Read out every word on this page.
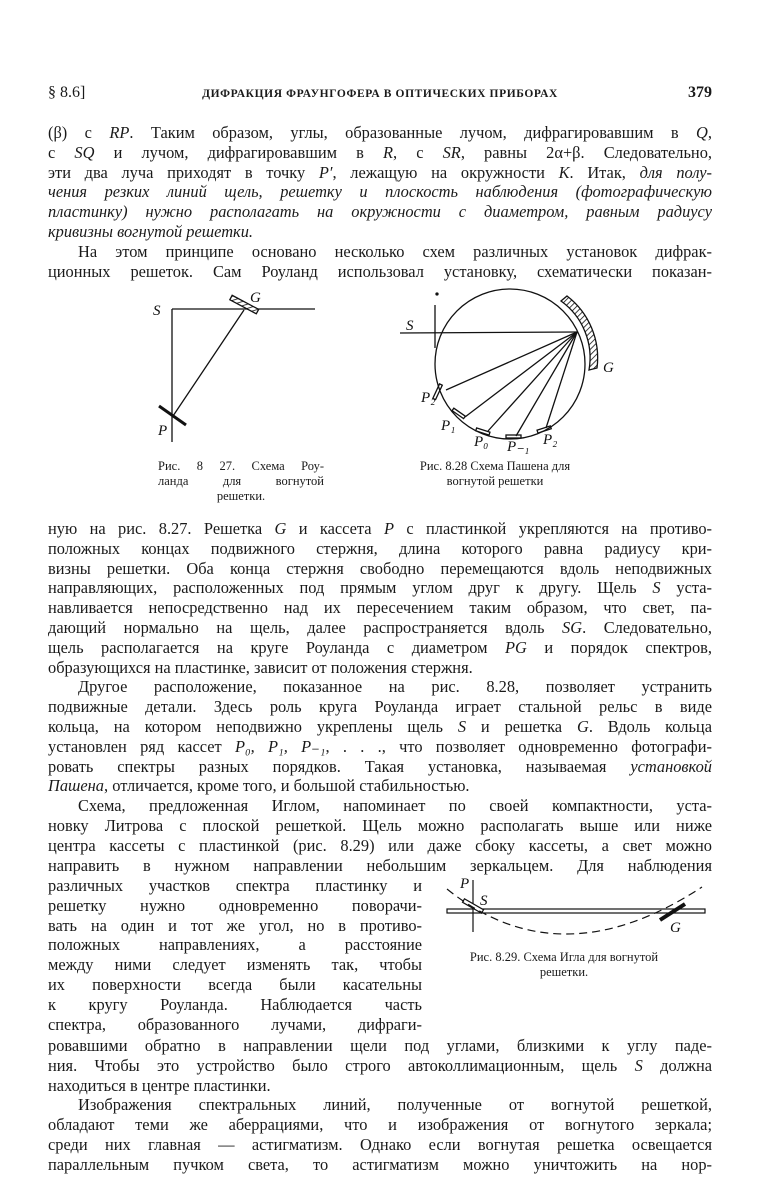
§ 8.6]	ДИФРАКЦИЯ ФРАУНГОФЕРА В ОПТИЧЕСКИХ ПРИБОРАХ	379
(β) с RP. Таким образом, углы, образованные лучом, дифрагировавшим в Q,
с SQ и лучом, дифрагировавшим в R, с SR, равны 2α+β. Следовательно,
эти два луча приходят в точку P′, лежащую на окружности K. Итак, для полу-
чения резких линий щель, решетку и плоскость наблюдения (фотографическую
пластинку) нужно располагать на окружности с диаметром, равным радиусу
кривизны вогнутой решетки.
На этом принципе основано несколько схем различных установок дифрак-
ционных решеток. Сам Роуланд использовал установку, схематически показан-
ную на рис. 8.27. Решетка G и кассета P с пластинкой укрепляются на противо-
положных концах подвижного стержня, длина которого равна радиусу кри-
визны решетки. Оба конца стержня свободно перемещаются вдоль неподвижных
направляющих, расположенных под прямым углом друг к другу. Щель S уста-
навливается непосредственно над их пересечением таким образом, что свет, па-
дающий нормально на щель, далее распространяется вдоль SG. Следовательно,
щель располагается на круге Роуланда с диаметром PG и порядок спектров,
образующихся на пластинке, зависит от положения стержня.
Другое расположение, показанное на рис. 8.28, позволяет устранить
подвижные детали. Здесь роль круга Роуланда играет стальной рельс в виде
кольца, на котором неподвижно укреплены щель S и решетка G. Вдоль кольца
установлен ряд кассет P₀, P₁, P₋₁, . . ., что позволяет одновременно фотографи-
ровать спектры разных порядков. Такая установка, называемая установкой
Пашена, отличается, кроме того, и большой стабильностью.
Схема, предложенная Иглом, напоминает по своей компактности, уста-
новку Литрова с плоской решеткой. Щель можно располагать выше или ниже
центра кассеты с пластинкой (рис. 8.29) или даже сбоку кассеты, а свет можно
направить в нужном направлении небольшим зеркальцем. Для наблюдения
различных участков спектра пластинку и
решетку нужно одновременно поворачи-
вать на один и тот же угол, но в противо-
положных направлениях, а расстояние
между ними следует изменять так, чтобы
их поверхности всегда были касательны
к кругу Роуланда. Наблюдается часть
спектра, образованного лучами, дифраги-
ровавшими обратно в направлении щели под углами, близкими к углу паде-
ния. Чтобы это устройство было строго автоколлимационным, щель S должна
находиться в центре пластинки.
Изображения спектральных линий, полученные от вогнутой решеткой,
обладают теми же аберрациями, что и изображения от вогнутого зеркала;
среди них главная — астигматизм. Однако если вогнутая решетка освещается
параллельным пучком света, то астигматизм можно уничтожить на нор-
S
G
P
S
G
P₂
P₁
P₀ P₋₁ P₂
P
S
G
Рис. 8 27. Схема Роу-
ланда для вогнутой
решетки.
Рис. 8.28 Схема Пашена для
вогнутой решетки
Рис. 8.29. Схема Игла для вогнутой
решетки.
